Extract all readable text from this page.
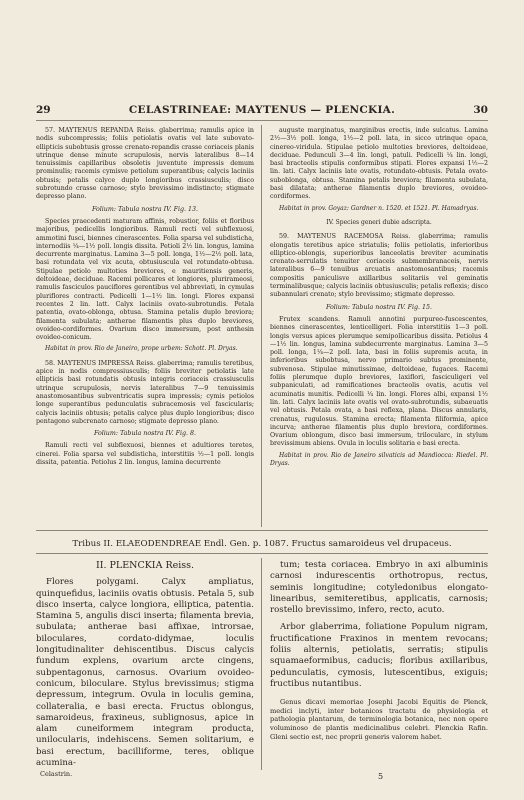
29	CELASTRINEAE: MAYTENUS — PLENCKIA.	30

57. MAYTENUS REPANDA Reiss. glaberrima; ramulis apice in nodis subcompressis; foliis petiolatis ovatis vel late subovato-ellipticis subobtusis grosse crenato-repandis crasse coriaceis planis utrinque dense minute scrupulosis, nervis lateralibus 8—14 tenuissimis capillaribus obsoletis juventute impressis demum prominulis; racemis cymisve petiolum superantibus; calycis laciniis obtusis; petalis calyce duplo longioribus crassiusculis; disco subrotundo crasse carnoso; stylo brevissimo indistincto; stigmate depresso plano.

Folium: Tabula nostra IV. Fig. 13.

Species praecedenti maturam affinis, robustior, foliis et floribus majoribus, pedicellis longioribus. Ramuli recti vel subflexuosi, ammotini fusci, biennes cinerascentes. Folia sparsa vel subdisticha, internodiis ¼—1½ poll. longis dissita. Petioli 2½ lin. longus, lamina decurrente marginatus. Lamina 3—5 poll. longa, 1½—2½ poll. lata, basi rotundata vel vix acuta, obtusiuscula vel rotundato-obtusa. Stipulae petiolo multoties breviores, e mauritiensis generis, deltoideae, deciduae. Racemi pollicares et longiores, plurirameosi, ramulis fasciculos pauciflores gerentibus vel abbreviati, in cymulas pluriflores contracti. Pedicelli 1—1½ lin. longi. Flores expansi recentes 2 lin. latt. Calyx laciniis ovato-subrotundis. Petala patentia, ovato-oblonga, obtusa. Stamina petalis duplo breviora; filamenta subulata; antherae filamentis plus duplo breviores, ovoideo-cordiformes. Ovarium disco immersum, post anthesin ovoideo-conicum.

Habitat in prov. Rio de Janeiro, prope urbem: Schott. Pl. Dryas.

58. MAYTENUS IMPRESSA Reiss. glaberrima; ramulis teretibus, apice in nodis compressiusculis; foliis breviter petiolatis late ellipticis basi rotundatis obtusis integris coriaceis crassiusculis utrinque scrupulosis, nervis lateralibus 7—9 tenuissimis anastomosantibus subventricatis supra impressis; cymis petiolos longe superantibus pedunculatis subracemosis vel fascicularis; calycis laciniis obtusis; petalis calyce plus duplo longioribus; disco pentagono subcrenato carnoso; stigmate depresso plano.

Folium: Tabula nostra IV. Fig. 8.

Ramuli recti vel subflexuosi, biennes et adultiores teretes, cinerei. Folia sparsa vel subdisticha, interstitiis ½—1 poll. longis dissita, patentia. Petiolus 2 lin. longus, lamina decurrente

auguste marginatus, marginibus erectis, inde sulcatus. Lamina 2½—3½ poll. longa, 1½—2 poll. lata, in sicco utrinque opaca, cinereo-viridula. Stipulae petiolo multoties breviores, deltoideae, deciduae. Pedunculi 3—4 lin. longi, patuli. Pedicelli ¼ lin. longi, basi bracteolis stipulis conformibus stipati. Flores expansi 1½—2 lin. lati. Calyx laciniis late ovatis, rotundato-obtusis. Petala ovato-suboblonga, obtusa. Stamina petalis breviora; filamenta subulata, basi dilatata; antherae filamentis duplo breviores, ovoideo-cordiformes.

Habitat in prov. Goyaz: Gardner n. 1520. et 1521. Pl. Hamadryas.

IV. Species generi dubie adscripta.

59. MAYTENUS RACEMOSA Reiss. glaberrima; ramulis elongatis teretibus apice striatulis; foliis petiolatis, inferioribus elliptico-oblongis, superioribus lanceolatis breviter acuminatis crenato-serrulatis tenuiter coriaceis submembranaceis, nervis lateralibus 6—9 tenuibus arcuatis anastomosantibus; racemis compositis paniculisve axillaribus solitariis vel geminatis terminalibusque; calycis laciniis obtusiusculis; petalis reflexis; disco subannulari crenato; stylo brevissimo; stigmate depresso.

Folium: Tabula nostra IV. Fig. 15.

Frutex scandens. Ramuli annotini purpureo-fuscescentes, biennes cinerascentes, lenticelligeri. Folia interstitiis 1—3 poll. longis versus apices plerumque semipollicaribus dissita. Petiolus 4—1½ lin. longus, lamina subdecurrente marginatus. Lamina 3—5 poll. longa, 1¼—2 poll. lata, basi in foliis supremis acuta, in inferioribus subobtusa, nervo primario subtus prominente, subvenosa. Stipulae minutissimae, deltoideae, fugaces. Racemi foliis plerumque duplo breviores, laxiflori, fasciculigeri vel subpaniculati, ad ramificationes bracteolis ovatis, acutis vel acuminatis munitis. Pedicelli ¼ lin. longi. Flores albi, expansi 1½ lin. lati. Calyx laciniis late ovatis vel ovato-subrotundis, subaeuatis vel obtusis. Petala ovata, a basi reflexa, plana. Discus annularis, crenatus, rugulosus. Stamina erecta; filamenta filiformia, apice incurva; antherae filamentis plus duplo breviora, cordiformes. Ovarium oblongum, disco basi immersum, trilocularc, in stylum brevissimum abiens. Ovula in loculis solitaria e basi erecta.

Habitat in prov. Rio de Janeiro silvaticis ad Mandiocca: Riedel. Pl. Dryas.

Tribus II. ELAEODENDREAE Endl. Gen. p. 1087. Fructus samaroideus vel drupaceus.

II. PLENCKIA Reiss.

Flores polygami. Calyx ampliatus, quinquefidus, laciniis ovatis obtusis. Petala 5, sub disco inserta, calyce longiora, elliptica, patentia. Stamina 5, angulis disci inserta; filamenta brevia, subulata; antherae basi affixae, introrsae, biloculares, cordato-didymae, loculis longitudinaliter dehiscentibus. Discus calycis fundum explens, ovarium arcte cingens, subpentagonus, carnosus. Ovarium ovoideo-conicum, biloculare. Stylus brevissimus; stigma depressum, integrum. Ovula in loculis gemina, collateralia, e basi erecta. Fructus oblongus, samaroideus, fraxineus, sublignosus, apice in alam cuneiformem integram producta, unilocularis, indehiscens. Semen solitarium, e basi erectum, bacilliforme, teres, oblique acumina-

tum; testa coriacea. Embryo in axi albuminis carnosi indurescentis orthotropus, rectus, seminis longitudine; cotyledonibus elongato-linearibus, semiteretibus, applicatis, carnosis; rostello brevissimo, infero, recto, acuto.

Arbor glaberrima, foliatione Populum nigram, fructificatione Fraxinos in mentem revocans; foliis alternis, petiolatis, serratis; stipulis squamaeformibus, caducis; floribus axillaribus, pedunculatis, cymosis, lutescentibus, exiguis; fructibus nutantibus.

Genus dicavi memoriae Josephi Jacobi Equitis de Plenck, medici inclyti, inter botanicos tractatu de physiologia et pathologia plantarum, de terminologia botanica, nec non opere voluminoso de plantis medicinalibus celebri. Plenckia Rafin. Gleni sectio est, nec proprii generis valorem habet.

Celastrin.	5
